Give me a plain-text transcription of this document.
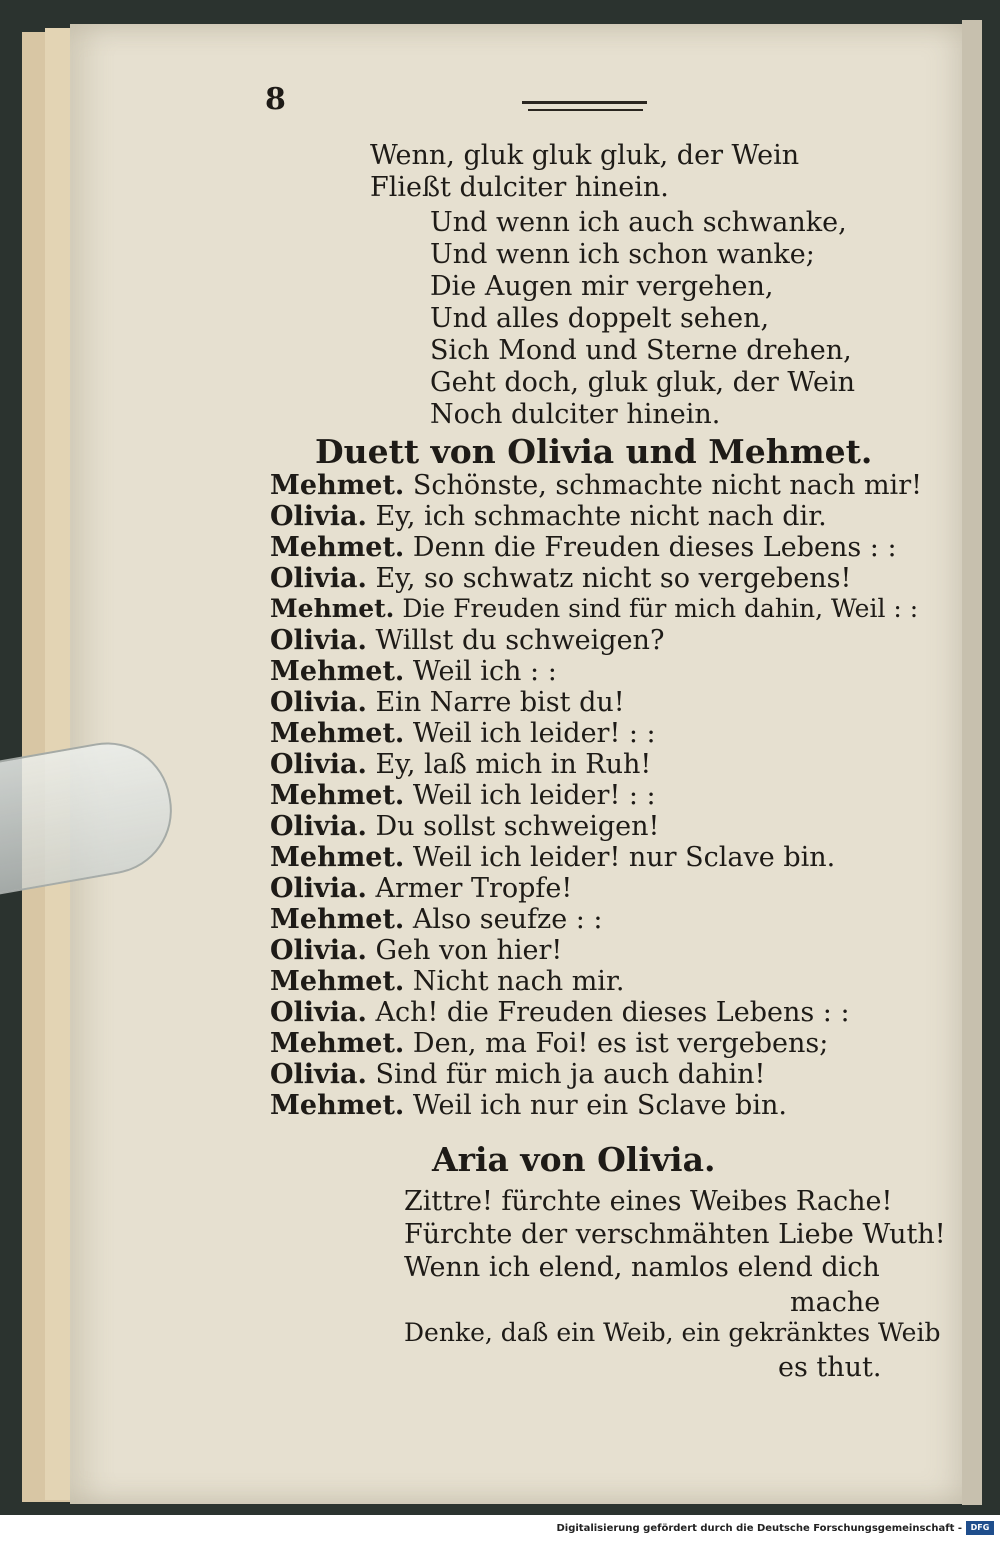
8
Wenn, gluk gluk gluk, der Wein
Fließt dulciter hinein.
Und wenn ich auch schwanke,
Und wenn ich schon wanke;
Die Augen mir vergehen,
Und alles doppelt sehen,
Sich Mond und Sterne drehen,
Geht doch, gluk gluk, der Wein
Noch dulciter hinein.
Duett von Olivia und Mehmet.
Mehmet. Schönste, schmachte nicht nach mir!
Olivia. Ey, ich schmachte nicht nach dir.
Mehmet. Denn die Freuden dieses Lebens : :
Olivia. Ey, so schwatz nicht so vergebens!
Mehmet. Die Freuden sind für mich dahin, Weil : :
Olivia. Willst du schweigen?
Mehmet. Weil ich : :
Olivia. Ein Narre bist du!
Mehmet. Weil ich leider! : :
Olivia. Ey, laß mich in Ruh!
Mehmet. Weil ich leider! : :
Olivia. Du sollst schweigen!
Mehmet. Weil ich leider! nur Sclave bin.
Olivia. Armer Tropfe!
Mehmet. Also seufze : :
Olivia. Geh von hier!
Mehmet. Nicht nach mir.
Olivia. Ach! die Freuden dieses Lebens : :
Mehmet. Den, ma Foi! es ist vergebens;
Olivia. Sind für mich ja auch dahin!
Mehmet. Weil ich nur ein Sclave bin.
Aria von Olivia.
Zittre! fürchte eines Weibes Rache!
Fürchte der verschmähten Liebe Wuth!
Wenn ich elend, namlos elend dich
mache
Denke, daß ein Weib, ein gekränktes Weib
es thut.
Digitalisierung gefördert durch die Deutsche Forschungsgemeinschaft -	DFG
